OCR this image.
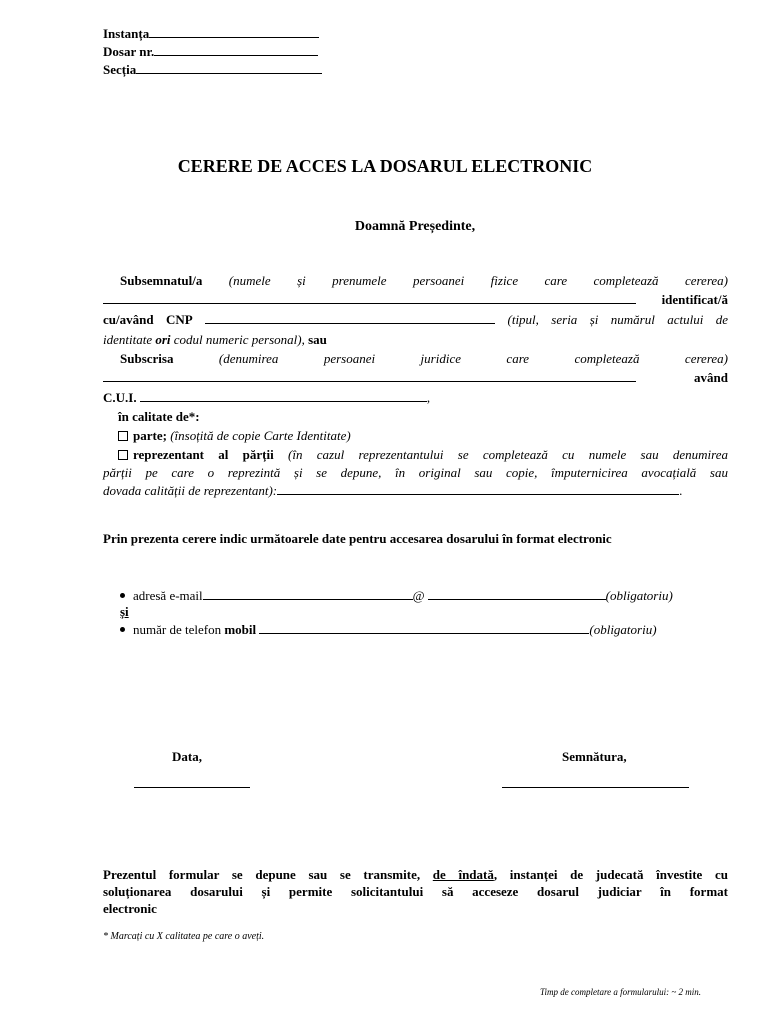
Instanța
Dosar nr.
Secția
CERERE DE ACCES LA DOSARUL ELECTRONIC
Doamnă Președinte,
Subsemnatul/a (numele și prenumele persoanei fizice care completează cererea)
identificat/ă
cu/având CNP	(tipul, seria și numărul actului de
identitate ori codul numeric personal), sau
Subscrisa	(denumirea persoanei juridice care completează cererea)
având
C.U.I.	,
în calitate de*:
parte; (însoțită de copie Carte Identitate)
reprezentant al părții (în cazul reprezentantului se completează cu numele sau denumirea
părții pe care o reprezintă și se depune, în original sau copie, împuternicirea avocațială sau
dovada calității de reprezentant):	.
Prin prezenta cerere indic următoarele date pentru accesarea dosarului în format electronic
adresă e-mail	@	(obligatoriu)
și
număr de telefon mobil	(obligatoriu)
Data,	Semnătura,
Prezentul formular se depune sau se transmite, de îndată, instanței de judecată învestite cu
soluționarea dosarului și permite solicitantului să acceseze dosarul judiciar în format
electronic
* Marcați cu X calitatea pe care o aveți.
Timp de completare a formularului: ~ 2 min.
